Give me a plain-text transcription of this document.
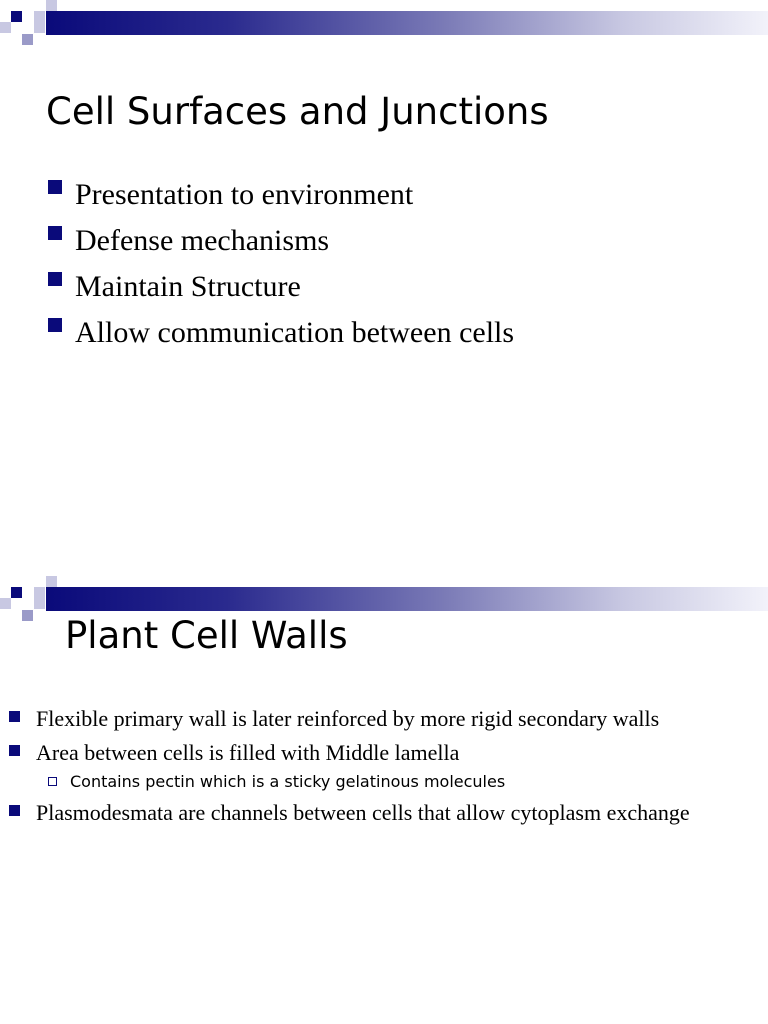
Cell Surfaces and Junctions
Presentation to environment
Defense mechanisms
Maintain Structure
Allow communication between cells
Plant Cell Walls
Flexible primary wall is later reinforced by more rigid secondary walls
Area between cells is filled with Middle lamella
Contains pectin which is a sticky gelatinous molecules
Plasmodesmata are channels between cells that allow cytoplasm exchange
